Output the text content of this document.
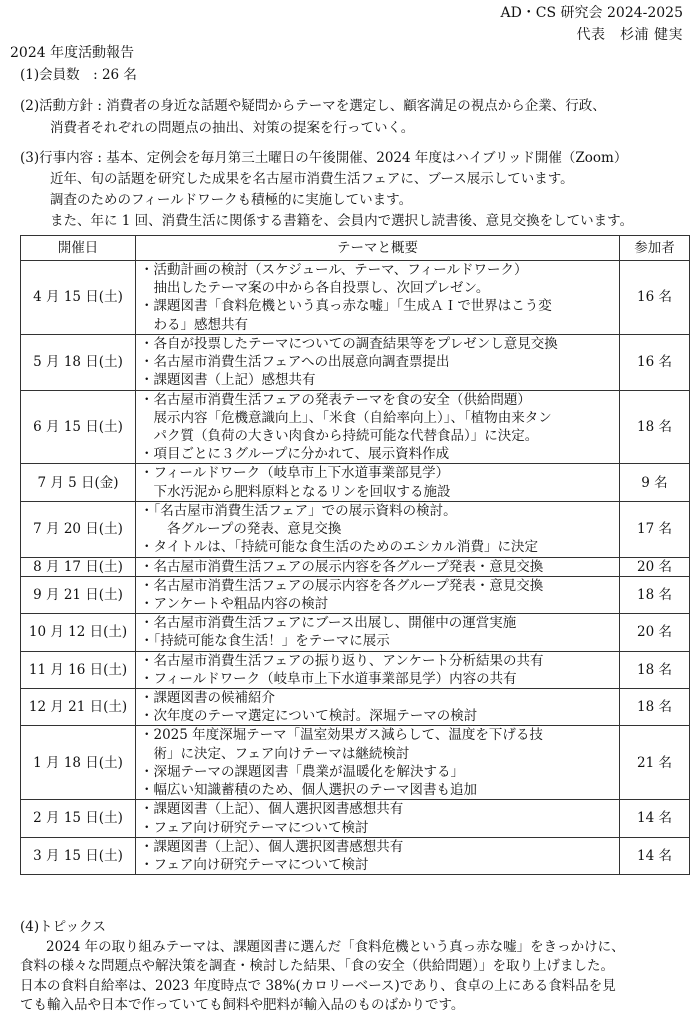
AD・CS 研究会 2024-2025
代表　杉浦 健実
2024 年度活動報告
(1)会員数　: 26 名
(2)活動方針 : 消費者の身近な話題や疑問からテーマを選定し、顧客満足の視点から企業、行政、
消費者それぞれの問題点の抽出、対策の提案を行っていく。
(3)行事内容 : 基本、定例会を毎月第三土曜日の午後開催、2024 年度はハイブリッド開催（Zoom）
近年、旬の話題を研究した成果を名古屋市消費生活フェアに、ブース展示しています。
調査のためのフィールドワークも積極的に実施しています。
また、年に 1 回、消費生活に関係する書籍を、会員内で選択し読書後、意見交換をしています。
開催日	テーマと概要	参加者
4 月 15 日(土)	・活動計画の検討（スケジュール、テーマ、フィールドワーク）
　抽出したテーマ案の中から各自投票し、次回プレゼン。
・課題図書「食料危機という真っ赤な嘘」「生成ＡＩで世界はこう変
　わる」感想共有	16 名
5 月 18 日(土)	・各自が投票したテーマについての調査結果等をプレゼンし意見交換
・名古屋市消費生活フェアへの出展意向調査票提出
・課題図書（上記）感想共有	16 名
6 月 15 日(土)	・名古屋市消費生活フェアの発表テーマを食の安全（供給問題）
　展示内容「危機意識向上」、「米食（自給率向上）」、「植物由来タン
　パク質（負荷の大きい肉食から持続可能な代替食品）」に決定。
・項目ごとに３グループに分かれて、展示資料作成	18 名
7 月 5 日(金)	・フィールドワーク（岐阜市上下水道事業部見学）
　下水汚泥から肥料原料となるリンを回収する施設	9 名
7 月 20 日(土)	・「名古屋市消費生活フェア」での展示資料の検討。
　　各グループの発表、意見交換
・タイトルは、「持続可能な食生活のためのエシカル消費」に決定	17 名
8 月 17 日(土)	・名古屋市消費生活フェアの展示内容を各グループ発表・意見交換	20 名
9 月 21 日(土)	・名古屋市消費生活フェアの展示内容を各グループ発表・意見交換
・アンケートや粗品内容の検討	18 名
10 月 12 日(土)	・名古屋市消費生活フェアにブース出展し、開催中の運営実施
・「持続可能な食生活！」をテーマに展示	20 名
11 月 16 日(土)	・名古屋市消費生活フェアの振り返り、アンケート分析結果の共有
・フィールドワーク（岐阜市上下水道事業部見学）内容の共有	18 名
12 月 21 日(土)	・課題図書の候補紹介
・次年度のテーマ選定について検討。深堀テーマの検討	18 名
1 月 18 日(土)	・2025 年度深堀テーマ「温室効果ガス減らして、温度を下げる技
　術」に決定、フェア向けテーマは継続検討
・深堀テーマの課題図書「農業が温暖化を解決する」
・幅広い知識蓄積のため、個人選択のテーマ図書も追加	21 名
2 月 15 日(土)	・課題図書（上記）、個人選択図書感想共有
・フェア向け研究テーマについて検討	14 名
3 月 15 日(土)	・課題図書（上記）、個人選択図書感想共有
・フェア向け研究テーマについて検討	14 名
(4)トピックス
2024 年の取り組みテーマは、課題図書に選んだ「食料危機という真っ赤な嘘」をきっかけに、
食料の様々な問題点や解決策を調査・検討した結果、「食の安全（供給問題）」を取り上げました。
日本の食料自給率は、2023 年度時点で 38%(カロリーベース)であり、食卓の上にある食料品を見
ても輸入品や日本で作っていても飼料や肥料が輸入品のものばかりです。
